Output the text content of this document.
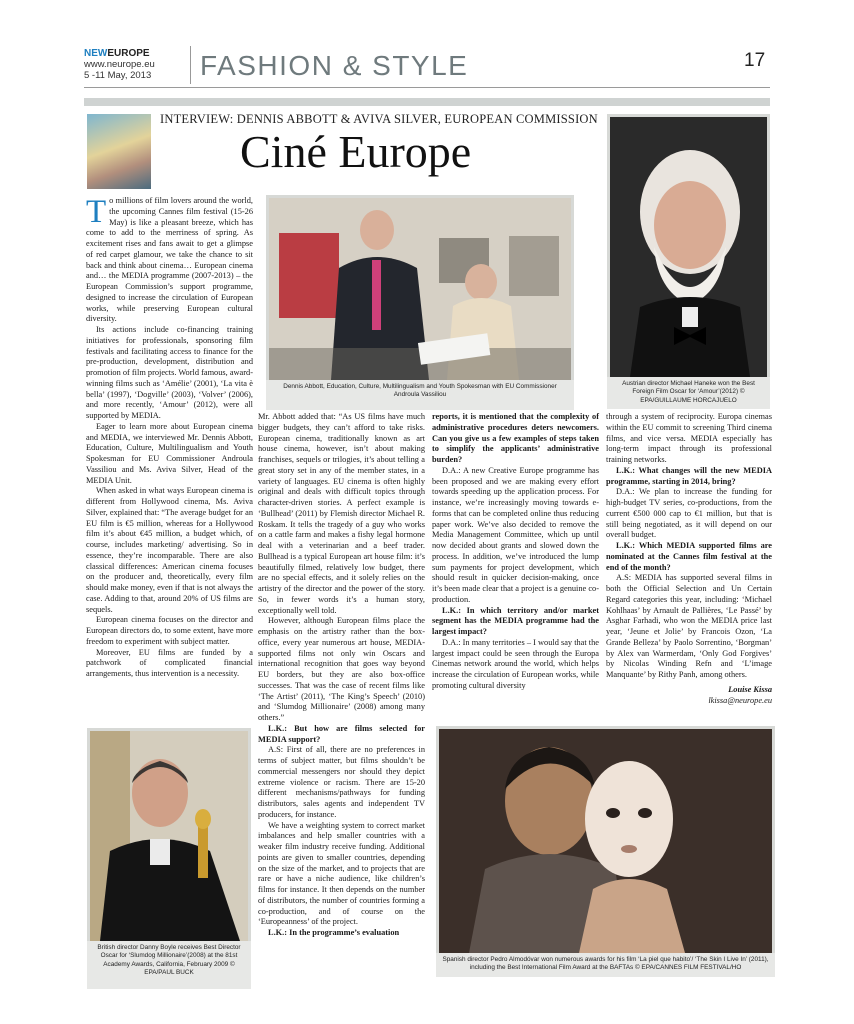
NEWEUROPE
www.neurope.eu
5 -11 May, 2013 FASHION & STYLE	17
Dennis Abbott, Education, Culture, Multilingualism and Youth Spokesman with EU Commissioner Androula Vassiliou
Austrian director Michael Haneke won the Best Foreign Film Oscar for ‘Amour’(2012) © EPA/GUILLAUME HORCAJUELO
British director Danny Boyle receives Best Director Oscar for ‘Slumdog Millionaire’(2008) at the 81st Academy Awards, California, February 2009 © EPA/PAUL BUCK
Spanish director Pedro Almodóvar won numerous awards for his film ‘La piel que habito’/ ‘The Skin I Live In’ (2011), including the Best International Film Award at the BAFTAs © EPA/CANNES FILM FESTIVAL/HO
INTERVIEW: DENNIS ABBOTT & AVIVA SILVER, EUROPEAN COMMISSION
Ciné Europe

To millions of film lovers around the world, the upcoming Cannes film festival (15-26 May) is like a pleasant breeze, which has come to add to the merriness of spring. As excitement rises and fans await to get a glimpse of red carpet glamour, we take the chance to sit back and think about cinema… European cinema and… the MEDIA programme (2007-2013) – the European Commission’s support programme, designed to increase the circulation of European works, while preserving European cultural diversity.

Its actions include co-financing training initiatives for professionals, sponsoring film festivals and facilitating access to finance for the pre-production, development, distribution and promotion of film projects. World famous, award-winning films such as ‘Amélie’ (2001), ‘La vita è bella’ (1997), ‘Dogville’ (2003), ‘Volver’ (2006), and more recently, ‘Amour’ (2012), were all supported by MEDIA.

Eager to learn more about European cinema and MEDIA, we interviewed Mr. Dennis Abbott, Education, Culture, Multilingualism and Youth Spokesman for EU Commissioner Androula Vassiliou and Ms. Aviva Silver, Head of the MEDIA Unit.

When asked in what ways European cinema is different from Hollywood cinema, Ms. Aviva Silver, explained that: “The average budget for an EU film is €5 million, whereas for a Hollywood film it’s about €45 million, a budget which, of course, includes marketing/ advertising. So in essence, they’re incomparable. There are also classical differences: American cinema focuses on the producer and, theoretically, every film should make money, even if that is not always the case. Adding to that, around 20% of US films are sequels.

European cinema focuses on the director and European directors do, to some extent, have more freedom to experiment with subject matter.

Moreover, EU films are funded by a patchwork of complicated financial arrangements, thus intervention is a necessity.

Mr. Abbott added that: “As US films have much bigger budgets, they can’t afford to take risks. European cinema, traditionally known as art house cinema, however, isn’t about making franchises, sequels or trilogies, it’s about telling a great story set in any of the member states, in a variety of languages. EU cinema is often highly original and deals with difficult topics through character-driven stories. A perfect example is ‘Bullhead’ (2011) by Flemish director Michael R. Roskam. It tells the tragedy of a guy who works on a cattle farm and makes a fishy legal hormone deal with a veterinarian and a beef trader. Bullhead is a typical European art house film: it’s beautifully filmed, relatively low budget, there are no special effects, and it solely relies on the artistry of the director and the power of the story. So, in fewer words it’s a human story, exceptionally well told.

However, although European films place the emphasis on the artistry rather than the box-office, every year numerous art house, MEDIA-supported films not only win Oscars and international recognition that goes way beyond EU borders, but they are also box-office successes. That was the case of recent films like ‘The Artist’ (2011), ‘The King’s Speech’ (2010) and ‘Slumdog Millionaire’ (2008) among many others.”

L.K.: But how are films selected for MEDIA support?

A.S: First of all, there are no preferences in terms of subject matter, but films shouldn’t be commercial messengers nor should they depict extreme violence or racism. There are 15-20 different mechanisms/pathways for funding distributors, sales agents and independent TV producers, for instance.

We have a weighting system to correct market imbalances and help smaller countries with a weaker film industry receive funding. Additional points are given to smaller countries, depending on the size of the market, and to projects that are rare or have a niche audience, like children’s films for instance. It then depends on the number of distributors, the number of countries forming a co-production, and of course on the ‘Europeanness’ of the project.

L.K.: In the programme’s evaluation

reports, it is mentioned that the complexity of administrative procedures deters newcomers. Can you give us a few examples of steps taken to simplify the applicants’ administrative burden?

D.A.: A new Creative Europe programme has been proposed and we are making every effort towards speeding up the application process. For instance, we’re increasingly moving towards e-forms that can be completed online thus reducing paper work. We’ve also decided to remove the Media Management Committee, which up until now decided about grants and slowed down the process. In addition, we’ve introduced the lump sum payments for project development, which should result in quicker decision-making, once it’s been made clear that a project is a genuine co-production.

L.K.: In which territory and/or market segment has the MEDIA programme had the largest impact?

D.A.: In many territories – I would say that the largest impact could be seen through the Europa Cinemas network around the world, which helps increase the circulation of European works, while promoting cultural diversity

through a system of reciprocity. Europa cinemas within the EU commit to screening Third cinema films, and vice versa. MEDIA especially has long-term impact through its professional training networks.

L.K.: What changes will the new MEDIA programme, starting in 2014, bring?

D.A.: We plan to increase the funding for high-budget TV series, co-productions, from the current €500 000 cap to €1 million, but that is still being negotiated, as it will depend on our overall budget.

L.K.: Which MEDIA supported films are nominated at the Cannes film festival at the end of the month?

A.S: MEDIA has supported several films in both the Official Selection and Un Certain Regard categories this year, including: ‘Michael Kohlhaas’ by Arnault de Pallières, ‘Le Passé’ by Asghar Farhadi, who won the MEDIA price last year, ‘Jeune et Jolie’ by Francois Ozon, ‘La Grande Belleza’ by Paolo Sorrentino, ‘Borgman’ by Alex van Warmerdam, ‘Only God Forgives’ by Nicolas Winding Refn and ‘L’image Manquante’ by Rithy Panh, among others.

Louise Kissa

lkissa@neurope.eu
